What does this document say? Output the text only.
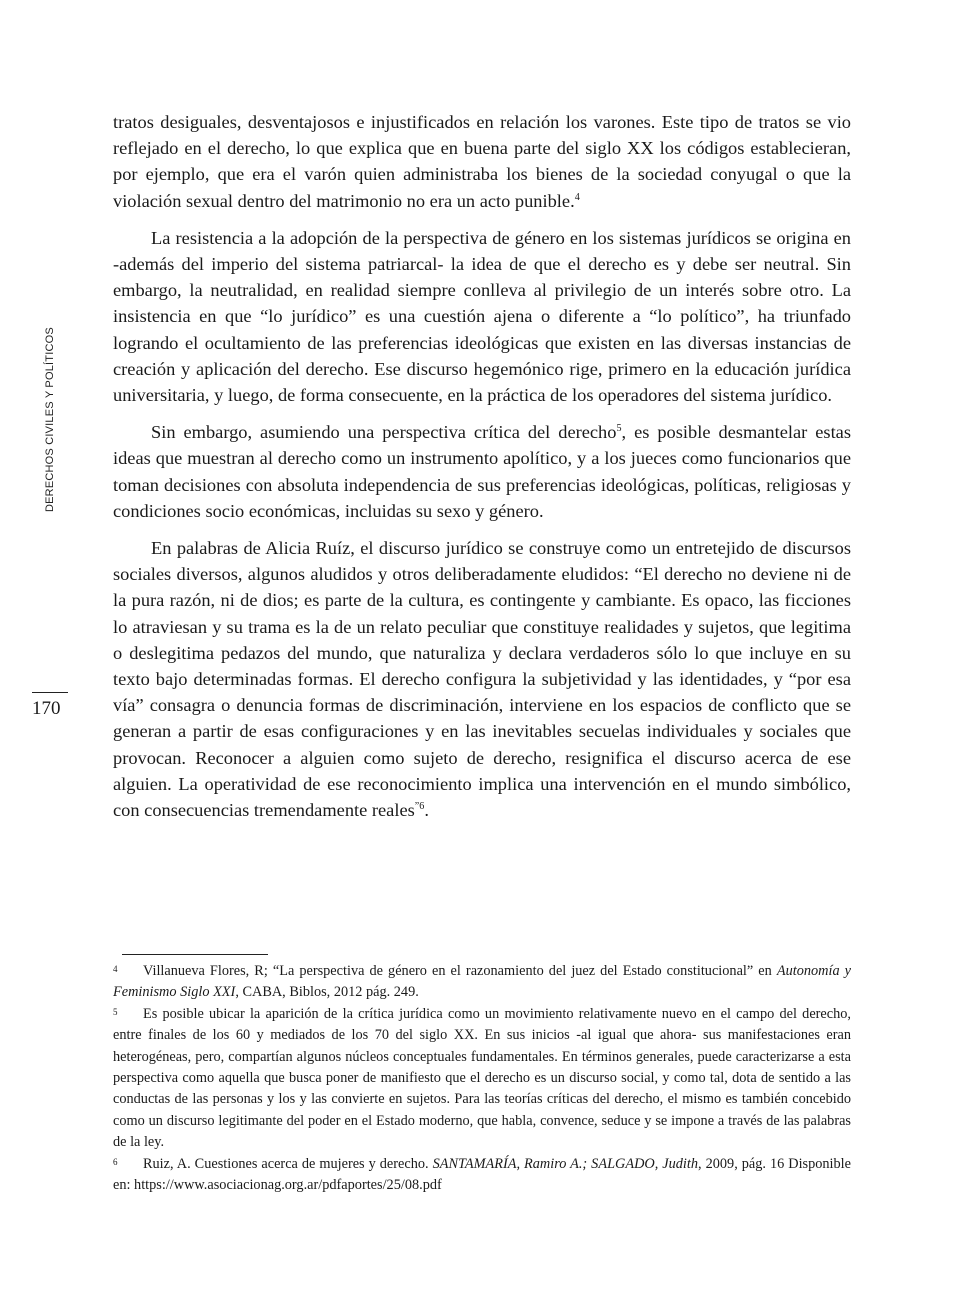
DERECHOS CIVILES Y POLÍTICOS
170

tratos desiguales, desventajosos e injustificados en relación los varones. Este tipo de tratos se vio reflejado en el derecho, lo que explica que en buena parte del siglo XX los códigos establecieran, por ejemplo, que era el varón quien administraba los bienes de la sociedad conyugal o que la violación sexual dentro del matrimonio no era un acto punible.$^4$

La resistencia a la adopción de la perspectiva de género en los sistemas jurídicos se origina en -además del imperio del sistema patriarcal- la idea de que el derecho es y debe ser neutral. Sin embargo, la neutralidad, en realidad siempre conlleva al privilegio de un interés sobre otro. La insistencia en que “lo jurídico” es una cuestión ajena o diferente a “lo político”, ha triunfado logrando el ocultamiento de las preferencias ideológicas que existen en las diversas instancias de creación y aplicación del derecho. Ese discurso hegemónico rige, primero en la educación jurídica universitaria, y luego, de forma consecuente, en la práctica de los operadores del sistema jurídico.

Sin embargo, asumiendo una perspectiva crítica del derecho$^5$, es posible desmantelar estas ideas que muestran al derecho como un instrumento apolítico, y a los jueces como funcionarios que toman decisiones con absoluta independencia de sus preferencias ideológicas, políticas, religiosas y condiciones socio económicas, incluidas su sexo y género.

En palabras de Alicia Ruíz, el discurso jurídico se construye como un entretejido de discursos sociales diversos, algunos aludidos y otros deliberadamente eludidos: “El derecho no deviene ni de la pura razón, ni de dios; es parte de la cultura, es contingente y cambiante. Es opaco, las ficciones lo atraviesan y su trama es la de un relato peculiar que constituye realidades y sujetos, que legitima o deslegitima pedazos del mundo, que naturaliza y declara verdaderos sólo lo que incluye en su texto bajo determinadas formas. El derecho configura la subjetividad y las identidades, y “por esa vía” consagra o denuncia formas de discriminación, interviene en los espacios de conflicto que se generan a partir de esas configuraciones y en las inevitables secuelas individuales y sociales que provocan. Reconocer a alguien como sujeto de derecho, resignifica el discurso acerca de ese alguien. La operatividad de ese reconocimiento implica una intervención en el mundo simbólico, con consecuencias tremendamente reales$^{”6}$.

4 Villanueva Flores, R; “La perspectiva de género en el razonamiento del juez del Estado constitucional” en Autonomía y Feminismo Siglo XXI, CABA, Biblos, 2012 pág. 249.

5 Es posible ubicar la aparición de la crítica jurídica como un movimiento relativamente nuevo en el campo del derecho, entre finales de los 60 y mediados de los 70 del siglo XX. En sus inicios -al igual que ahora- sus manifestaciones eran heterogéneas, pero, compartían algunos núcleos conceptuales fundamentales. En términos generales, puede caracterizarse a esta perspectiva como aquella que busca poner de manifiesto que el derecho es un discurso social, y como tal, dota de sentido a las conductas de las personas y los y las convierte en sujetos. Para las teorías críticas del derecho, el mismo es también concebido como un discurso legitimante del poder en el Estado moderno, que habla, convence, seduce y se impone a través de las palabras de la ley.

6 Ruiz, A. Cuestiones acerca de mujeres y derecho. SANTAMARÍA, Ramiro A.; SALGADO, Judith, 2009, pág. 16 Disponible en: https://www.asociacionag.org.ar/pdfaportes/25/08.pdf
